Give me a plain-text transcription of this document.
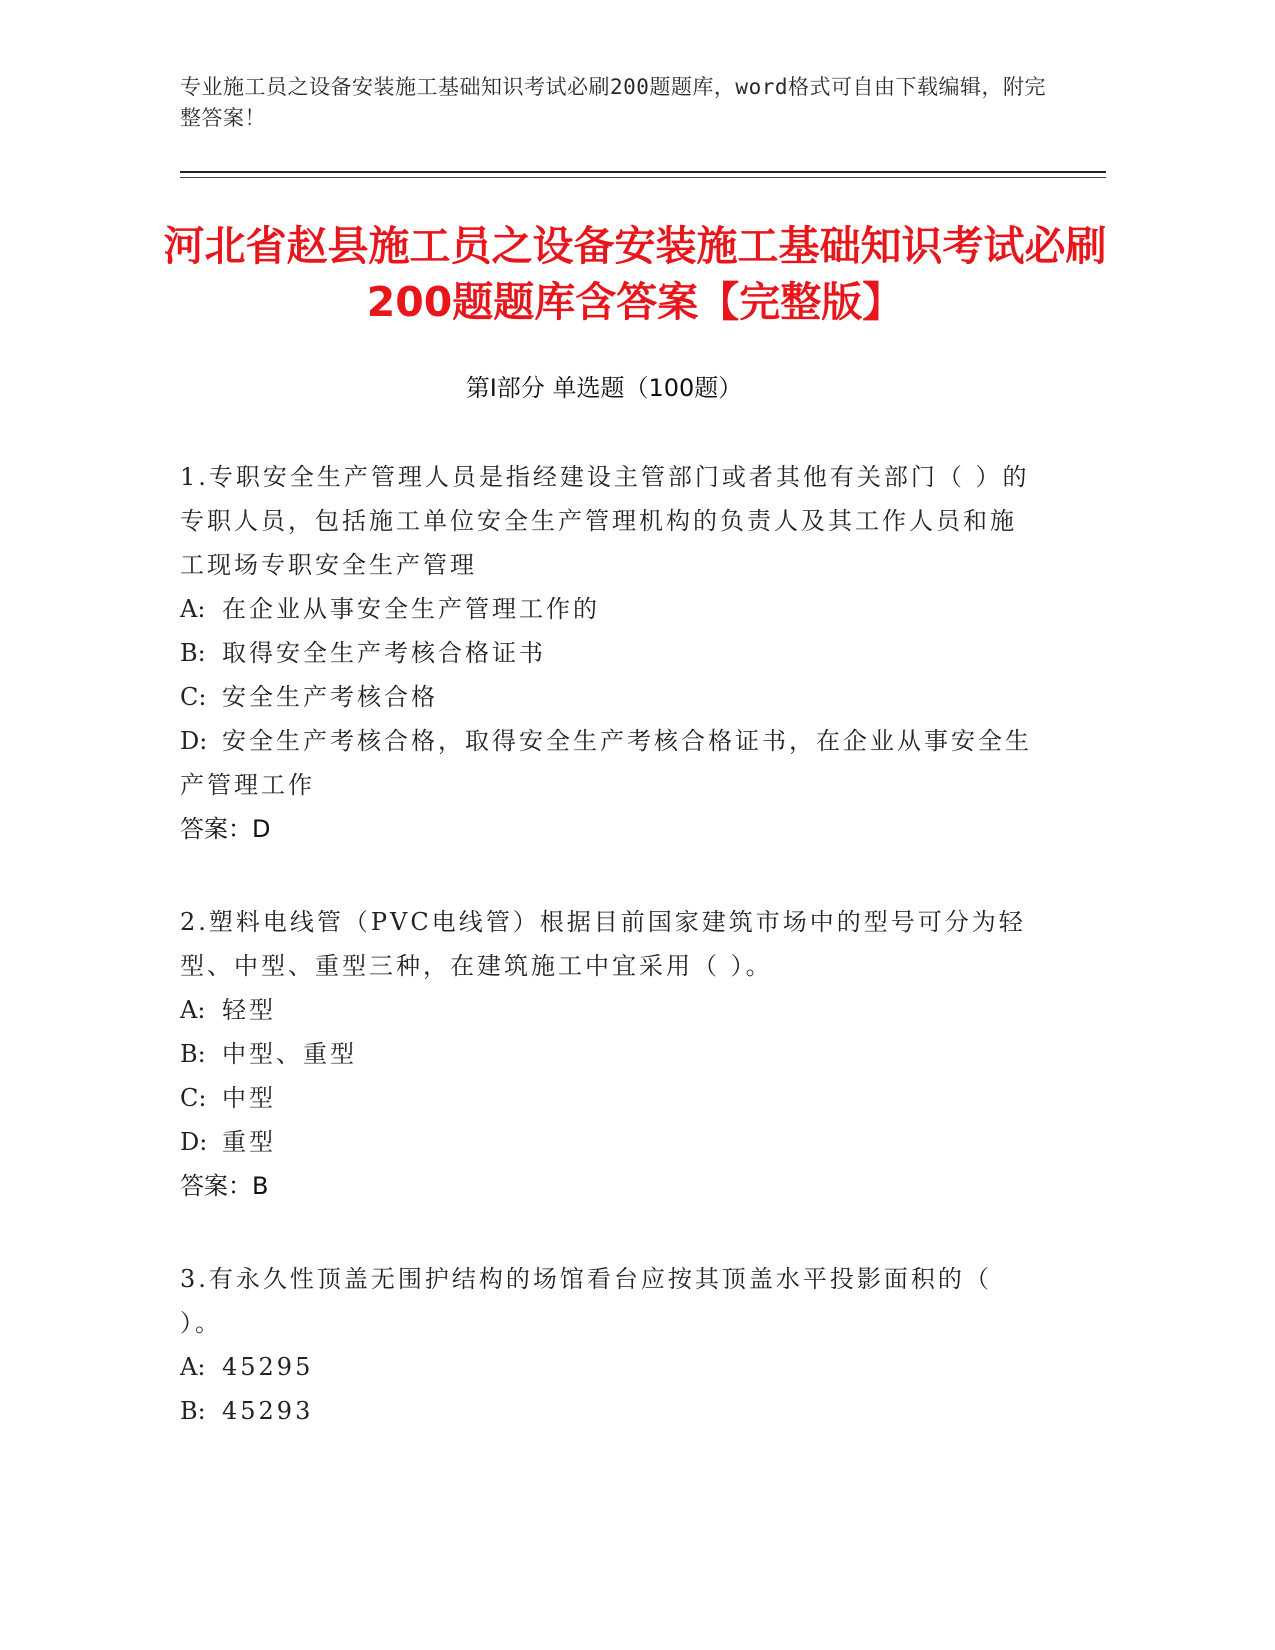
专业施工员之设备安装施工基础知识考试必刷200题题库，word格式可自由下载编辑，附完整答案！
河北省赵县施工员之设备安装施工基础知识考试必刷200题题库含答案【完整版】
第Ⅰ部分 单选题（100题）
1.专职安全生产管理人员是指经建设主管部门或者其他有关部门（ ）的专职人员，包括施工单位安全生产管理机构的负责人及其工作人员和施工现场专职安全生产管理
A: 在企业从事安全生产管理工作的
B: 取得安全生产考核合格证书
C: 安全生产考核合格
D: 安全生产考核合格，取得安全生产考核合格证书，在企业从事安全生产管理工作
答案：D
2.塑料电线管（PVC电线管）根据目前国家建筑市场中的型号可分为轻型、中型、重型三种，在建筑施工中宜采用（ ）。
A: 轻型
B: 中型、重型
C: 中型
D: 重型
答案：B
3.有永久性顶盖无围护结构的场馆看台应按其顶盖水平投影面积的（ ）。
A: 45295
B: 45293
